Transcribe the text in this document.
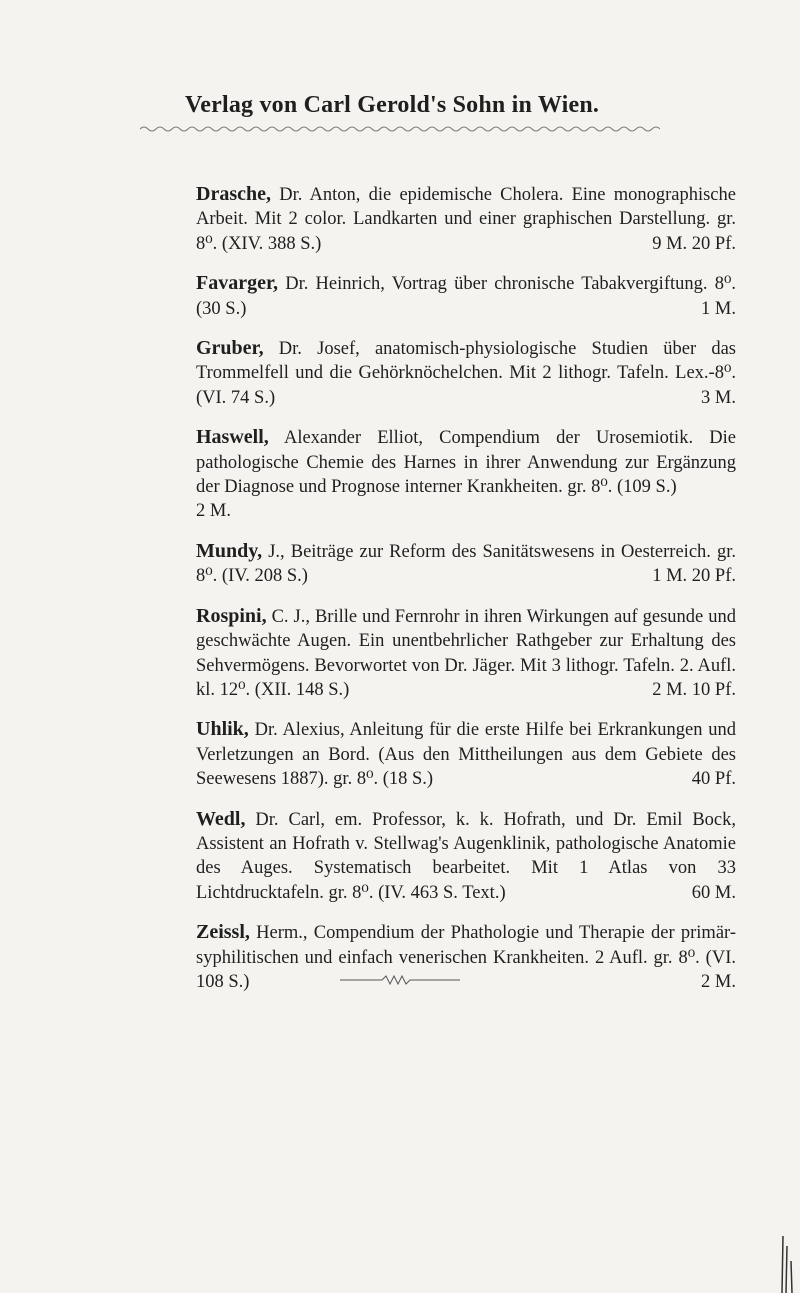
Verlag von Carl Gerold's Sohn in Wien.

Drasche, Dr. Anton, die epidemische Cholera. Eine monographische Arbeit. Mit 2 color. Landkarten und einer graphischen Darstellung. gr. 8⁰. (XIV. 388 S.)	9 M. 20 Pf.

Favarger, Dr. Heinrich, Vortrag über chronische Tabakvergiftung. 8⁰. (30 S.)	1 M.

Gruber, Dr. Josef, anatomisch-physiologische Studien über das Trommelfell und die Gehörknöchelchen. Mit 2 lithogr. Tafeln. Lex.-8⁰. (VI. 74 S.)	3 M.

Haswell, Alexander Elliot, Compendium der Urosemiotik. Die pathologische Chemie des Harnes in ihrer Anwendung zur Ergänzung der Diagnose und Prognose interner Krankheiten. gr. 8⁰. (109 S.)
2 M.

Mundy, J., Beiträge zur Reform des Sanitätswesens in Oesterreich. gr. 8⁰. (IV. 208 S.)	1 M. 20 Pf.

Rospini, C. J., Brille und Fernrohr in ihren Wirkungen auf gesunde und geschwächte Augen. Ein unentbehrlicher Rathgeber zur Erhaltung des Sehvermögens. Bevorwortet von Dr. Jäger. Mit 3 lithogr. Tafeln. 2. Aufl. kl. 12⁰. (XII. 148 S.)	2 M. 10 Pf.

Uhlik, Dr. Alexius, Anleitung für die erste Hilfe bei Erkrankungen und Verletzungen an Bord. (Aus den Mittheilungen aus dem Gebiete des Seewesens 1887). gr. 8⁰. (18 S.)	40 Pf.

Wedl, Dr. Carl, em. Professor, k. k. Hofrath, und Dr. Emil Bock, Assistent an Hofrath v. Stellwag's Augenklinik, pathologische Anatomie des Auges. Systematisch bearbeitet. Mit 1 Atlas von 33 Lichtdrucktafeln. gr. 8⁰. (IV. 463 S. Text.)	60 M.

Zeissl, Herm., Compendium der Phathologie und Therapie der primär-syphilitischen und einfach venerischen Krankheiten. 2 Aufl. gr. 8⁰. (VI. 108 S.)	2 M.
